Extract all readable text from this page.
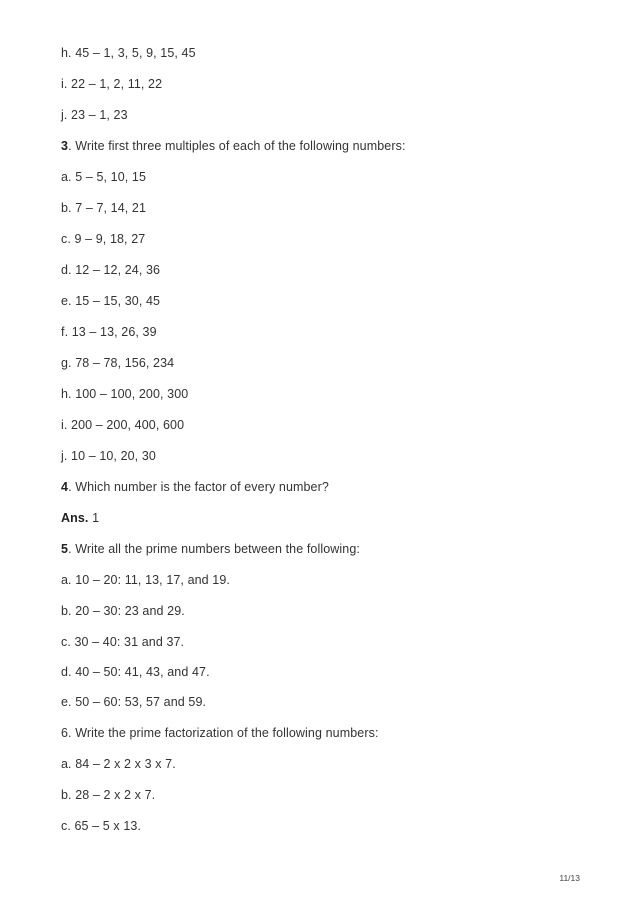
h. 45 – 1, 3, 5, 9, 15, 45
i. 22 – 1, 2, 11, 22
j. 23 – 1, 23
3. Write first three multiples of each of the following numbers:
a. 5 – 5, 10, 15
b. 7 – 7, 14, 21
c. 9 – 9, 18, 27
d. 12 – 12, 24, 36
e. 15 – 15, 30, 45
f. 13 – 13, 26, 39
g. 78 – 78, 156, 234
h. 100 – 100, 200, 300
i. 200 – 200, 400, 600
j. 10 – 10, 20, 30
4. Which number is the factor of every number?
Ans. 1
5. Write all the prime numbers between the following:
a. 10 – 20: 11, 13, 17, and 19.
b. 20 – 30: 23 and 29.
c. 30 – 40: 31 and 37.
d. 40 – 50: 41, 43, and 47.
e. 50 – 60: 53, 57 and 59.
6. Write the prime factorization of the following numbers:
a. 84 – 2 x 2 x 3 x 7.
b. 28 – 2 x 2 x 7.
c. 65 – 5 x 13.
11/13
